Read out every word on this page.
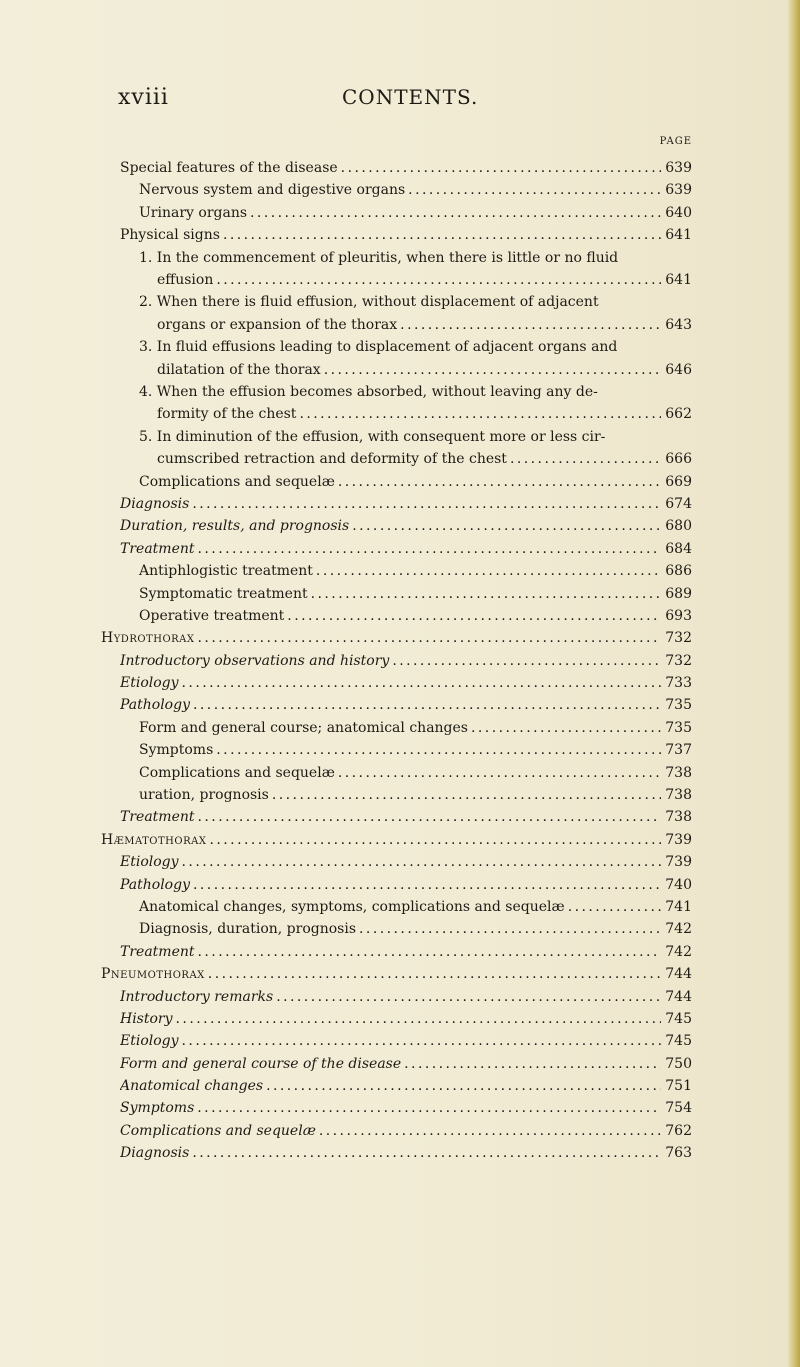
xviii	CONTENTS.
PAGE
Special features of the disease . . .	639
Nervous system and digestive organs . . .	639
Urinary organs . . .	640
Physical signs . . .	641
1. In the commencement of pleuritis, when there is little or no fluid
effusion . . .	641
2. When there is fluid effusion, without displacement of adjacent
organs or expansion of the thorax . . .	643
3. In fluid effusions leading to displacement of adjacent organs and
dilatation of the thorax . . .	646
4. When the effusion becomes absorbed, without leaving any de-
formity of the chest . . .	662
5. In diminution of the effusion, with consequent more or less cir-
cumscribed retraction and deformity of the chest . . .	666
Complications and sequelæ . . .	669
Diagnosis . . .	674
Duration, results, and prognosis . . .	680
Treatment . . .	684
Antiphlogistic treatment . . .	686
Symptomatic treatment . . .	689
Operative treatment . . .	693
Hydrothorax . . .	732
Introductory observations and history . . .	732
Etiology . . .	733
Pathology . . .	735
Form and general course; anatomical changes . . .	735
Symptoms . . .	737
Complications and sequelæ . . .	738
uration, prognosis . . .	738
Treatment . . .	738
Hæmatothorax . . .	739
Etiology . . .	739
Pathology . . .	740
Anatomical changes, symptoms, complications and sequelæ . . .	741
Diagnosis, duration, prognosis . . .	742
Treatment . . .	742
Pneumothorax . . .	744
Introductory remarks . . .	744
History . . .	745
Etiology . . .	745
Form and general course of the disease . . .	750
Anatomical changes . . .	751
Symptoms . . .	754
Complications and sequelæ . . .	762
Diagnosis . . .	763
